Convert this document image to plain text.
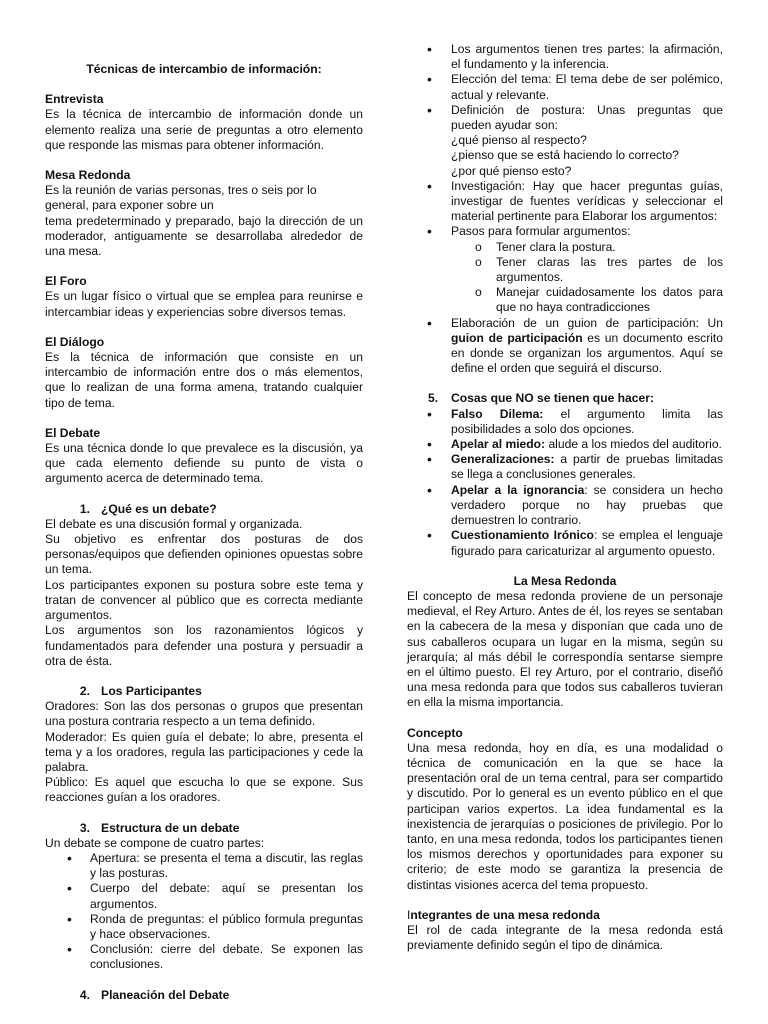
Técnicas de intercambio de información:

Entrevista

Es la técnica de intercambio de información donde un elemento realiza una serie de preguntas a otro elemento que responde las mismas para obtener información.

Mesa Redonda

Es la reunión de varias personas, tres o seis por lo general, para exponer sobre un

tema predeterminado y preparado, bajo la dirección de un moderador, antiguamente se desarrollaba alrededor de una mesa.

El Foro

Es un lugar físico o virtual que se emplea para reunirse e intercambiar ideas y experiencias sobre diversos temas.

El Diálogo

Es la técnica de información que consiste en un intercambio de información entre dos o más elementos, que lo realizan de una forma amena, tratando cualquier tipo de tema.

El Debate

Es una técnica donde lo que prevalece es la discusión, ya que cada elemento defiende su punto de vista o argumento acerca de determinado tema.

1. ¿Qué es un debate?

El debate es una discusión formal y organizada.

Su objetivo es enfrentar dos posturas de dos personas/equipos que defienden opiniones opuestas sobre un tema.

Los participantes exponen su postura sobre este tema y tratan de convencer al público que es correcta mediante argumentos.

Los argumentos son los razonamientos lógicos y fundamentados para defender una postura y persuadir a otra de ésta.

2. Los Participantes

Oradores: Son las dos personas o grupos que presentan una postura contraria respecto a un tema definido.

Moderador: Es quien guía el debate; lo abre, presenta el tema y a los oradores, regula las participaciones y cede la palabra.

Público: Es aquel que escucha lo que se expone. Sus reacciones guían a los oradores.

3. Estructura de un debate

Un debate se compone de cuatro partes:

• Apertura: se presenta el tema a discutir, las reglas y las posturas.
• Cuerpo del debate: aquí se presentan los argumentos.
• Ronda de preguntas: el público formula preguntas y hace observaciones.
• Conclusión: cierre del debate. Se exponen las conclusiones.
4. Planeación del Debate
• Los argumentos tienen tres partes: la afirmación, el fundamento y la inferencia.
• Elección del tema: El tema debe de ser polémico, actual y relevante.
• Definición de postura: Unas preguntas que pueden ayudar son:
¿qué pienso al respecto?
¿pienso que se está haciendo lo correcto?
¿por qué pienso esto?
• Investigación: Hay que hacer preguntas guías, investigar de fuentes verídicas y seleccionar el material pertinente para Elaborar los argumentos:
• Pasos para formular argumentos:
o Tener clara la postura.
o Tener claras las tres partes de los argumentos.
o Manejar cuidadosamente los datos para que no haya contradicciones
• Elaboración de un guion de participación: Un guion de participación es un documento escrito en donde se organizan los argumentos. Aquí se define el orden que seguirá el discurso.
5.	Cosas que NO se tienen que hacer:
• Falso Dilema: el argumento limita las posibilidades a solo dos opciones.
• Apelar al miedo: alude a los miedos del auditorio.
• Generalizaciones: a partir de pruebas limitadas se llega a conclusiones generales.
• Apelar a la ignorancia: se considera un hecho verdadero porque no hay pruebas que demuestren lo contrario.
• Cuestionamiento Irónico: se emplea el lenguaje figurado para caricaturizar al argumento opuesto.

La Mesa Redonda

El concepto de mesa redonda proviene de un personaje medieval, el Rey Arturo. Antes de él, los reyes se sentaban en la cabecera de la mesa y disponían que cada uno de sus caballeros ocupara un lugar en la misma, según su jerarquía; al más débil le correspondía sentarse siempre en el último puesto. El rey Arturo, por el contrario, diseñó una mesa redonda para que todos sus caballeros tuvieran en ella la misma importancia.

Concepto

Una mesa redonda, hoy en día, es una modalidad o técnica de comunicación en la que se hace la presentación oral de un tema central, para ser compartido y discutido. Por lo general es un evento público en el que participan varios expertos. La idea fundamental es la inexistencia de jerarquías o posiciones de privilegio. Por lo tanto, en una mesa redonda, todos los participantes tienen los mismos derechos y oportunidades para exponer su criterio; de este modo se garantiza la presencia de distintas visiones acerca del tema propuesto.

Integrantes de una mesa redonda

El rol de cada integrante de la mesa redonda está previamente definido según el tipo de dinámica.
